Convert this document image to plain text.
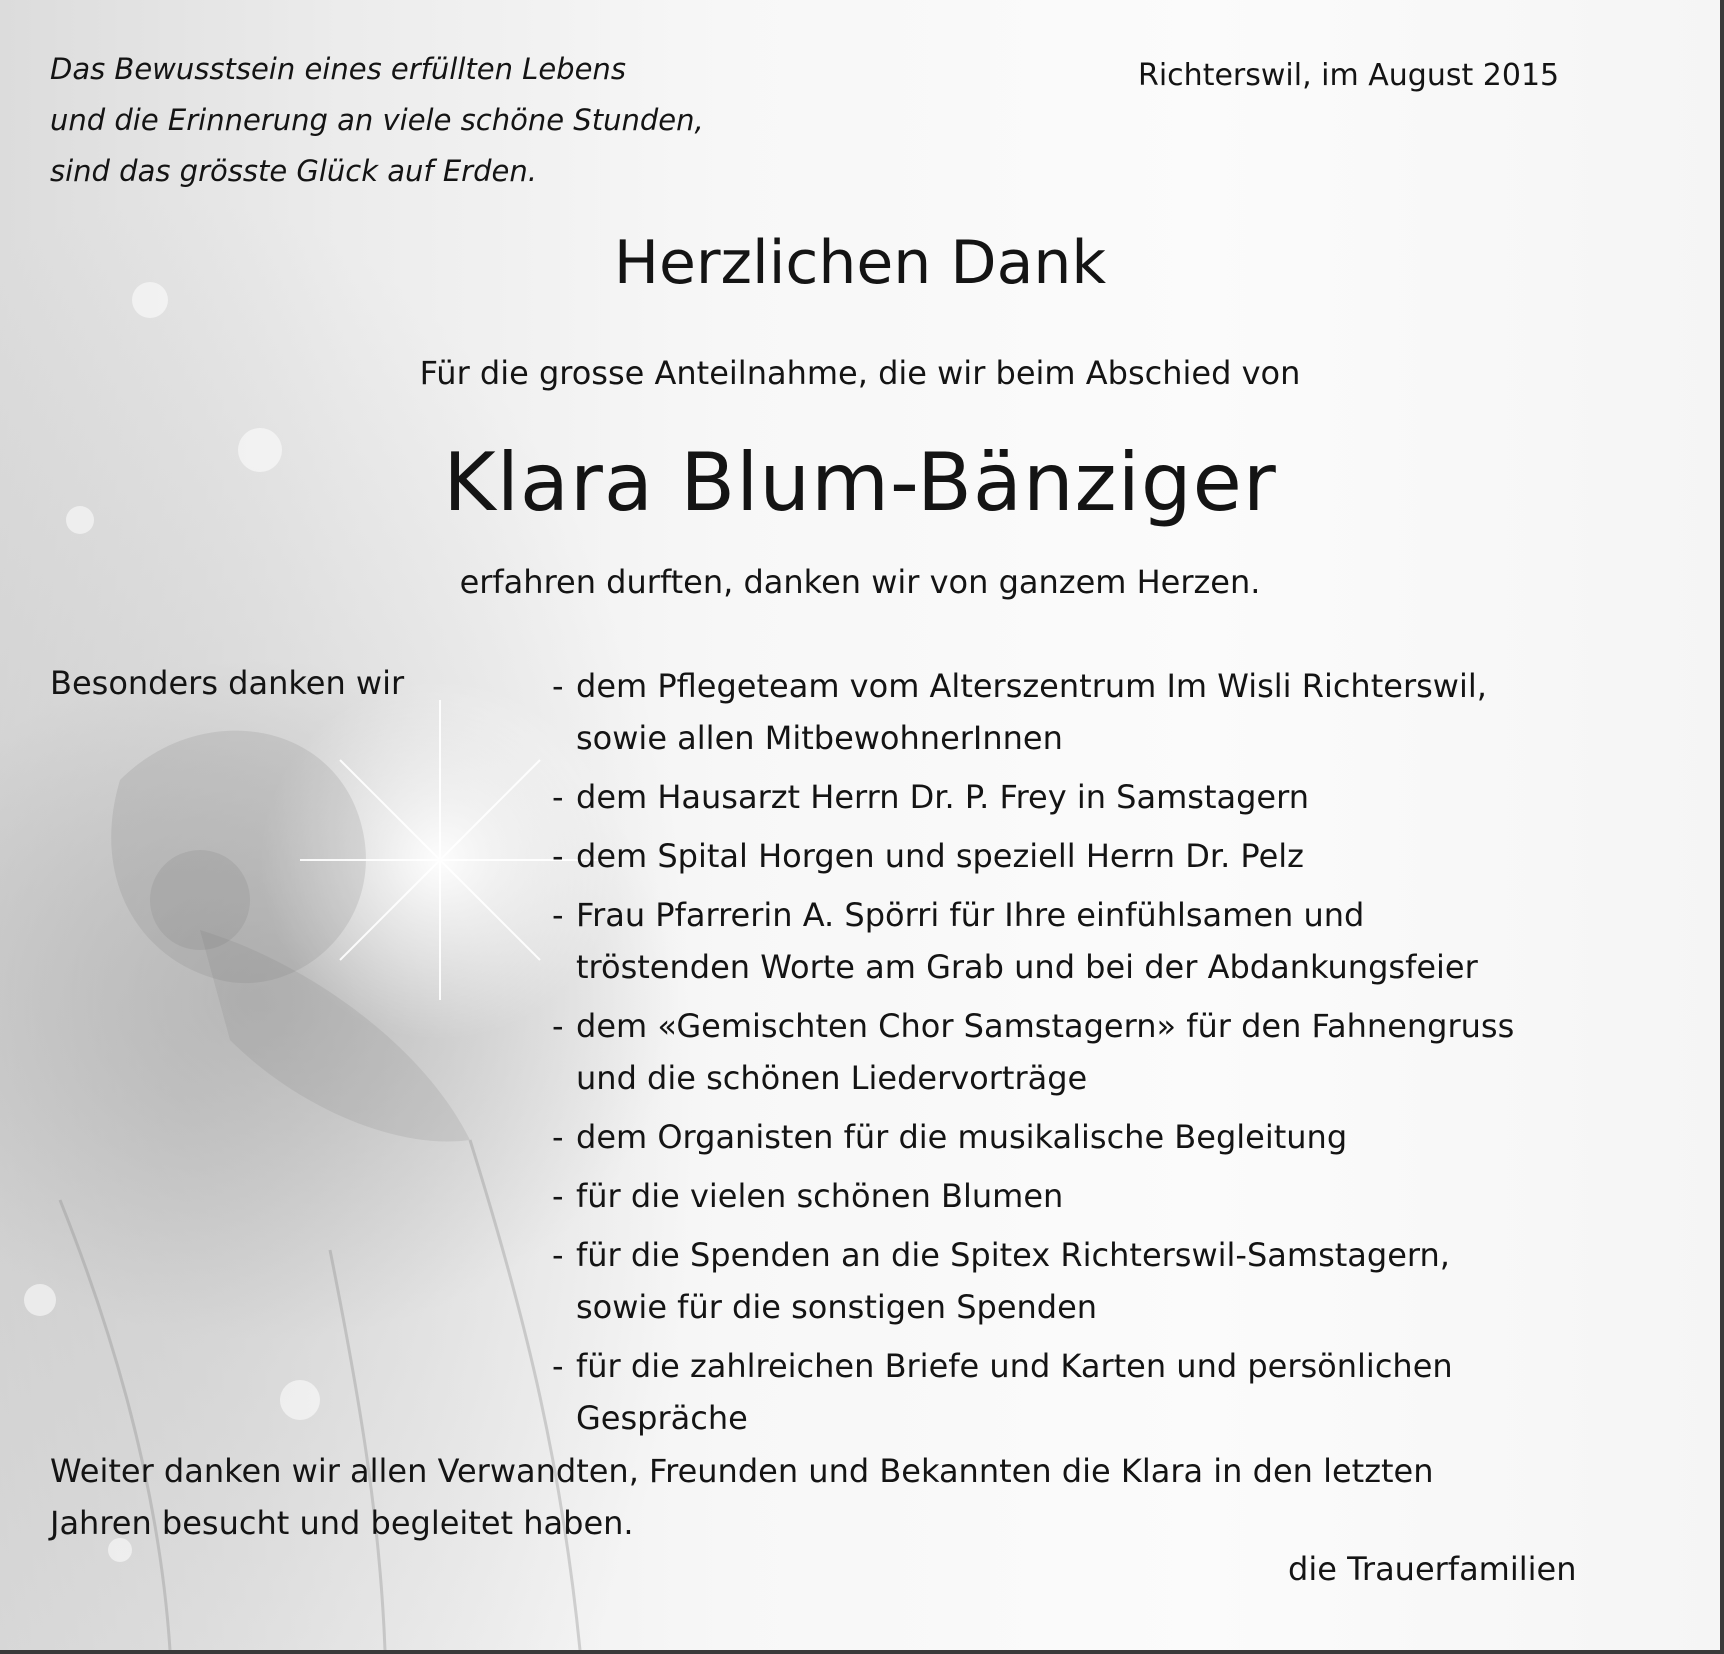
Das Bewusstsein eines erfüllten Lebens
und die Erinnerung an viele schöne Stunden,
sind das grösste Glück auf Erden.
Richterswil, im August 2015
Herzlichen Dank
Für die grosse Anteilnahme, die wir beim Abschied von
Klara Blum-Bänziger
erfahren durften, danken wir von ganzem Herzen.
Besonders danken wir	- dem Pflegeteam vom Alterszentrum Im Wisli Richterswil,
sowie allen MitbewohnerInnen
- dem Hausarzt Herrn Dr. P. Frey in Samstagern
- dem Spital Horgen und speziell Herrn Dr. Pelz
- Frau Pfarrerin A. Spörri für Ihre einfühlsamen und
tröstenden Worte am Grab und bei der Abdankungsfeier
- dem «Gemischten Chor Samstagern» für den Fahnengruss
und die schönen Liedervorträge
- dem Organisten für die musikalische Begleitung
- für die vielen schönen Blumen
- für die Spenden an die Spitex Richterswil-Samstagern,
sowie für die sonstigen Spenden
- für die zahlreichen Briefe und Karten und persönlichen
Gespräche
Weiter danken wir allen Verwandten, Freunden und Bekannten die Klara in den letzten
Jahren besucht und begleitet haben.
die Trauerfamilien
